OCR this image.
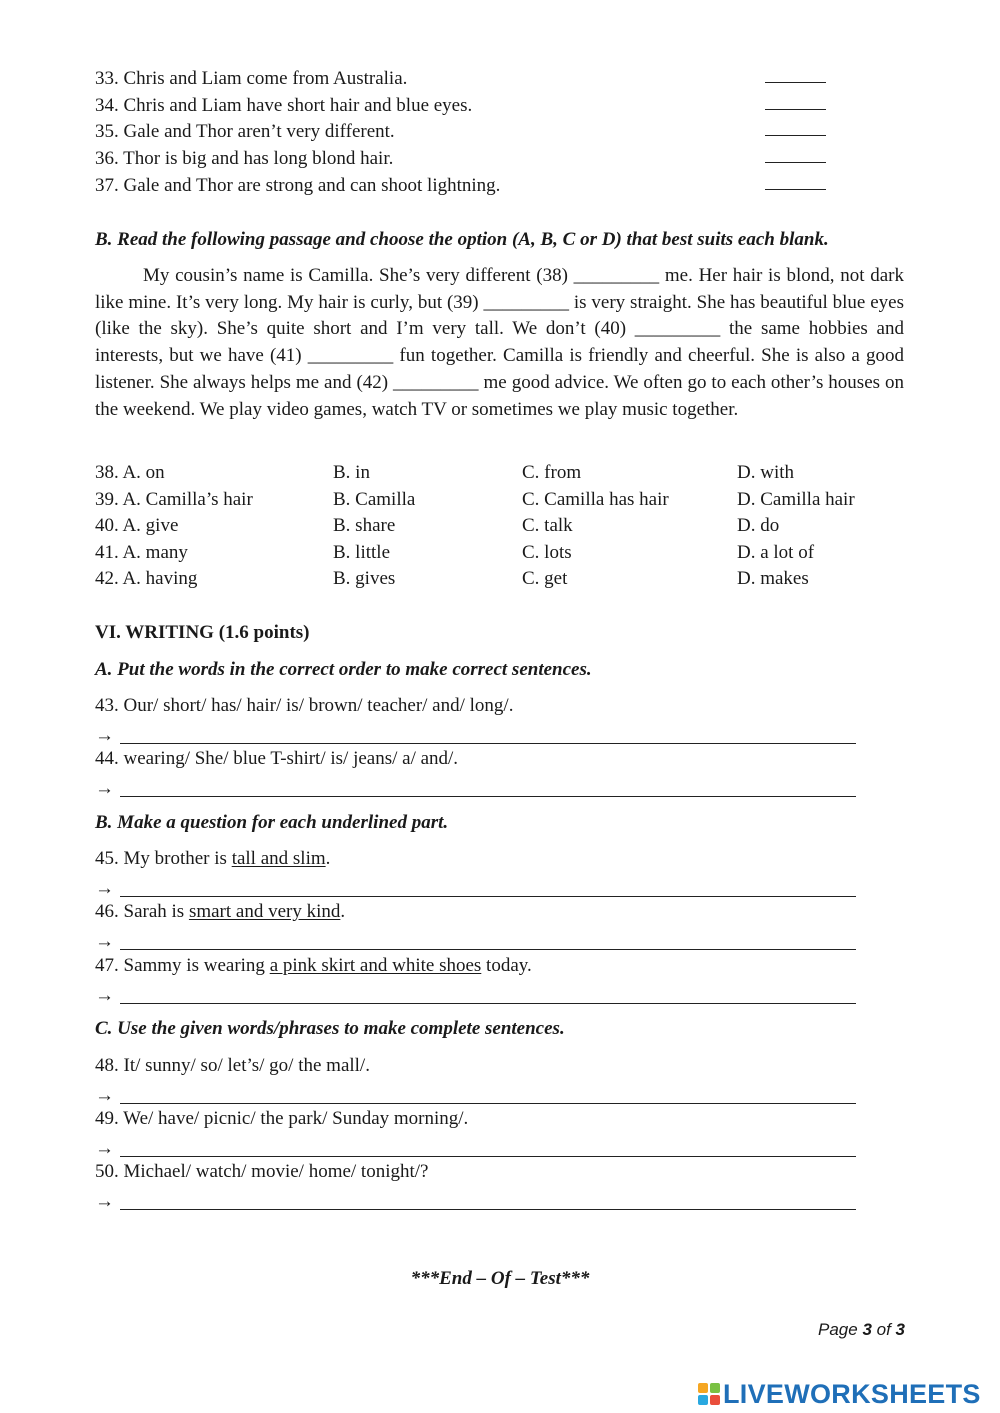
33. Chris and Liam come from Australia.
34. Chris and Liam have short hair and blue eyes.
35. Gale and Thor aren’t very different.
36. Thor is big and has long blond hair.
37. Gale and Thor are strong and can shoot lightning.
B. Read the following passage and choose the option (A, B, C or D) that best suits each blank.

My cousin’s name is Camilla. She’s very different (38) _________ me. Her hair is blond, not dark like mine. It’s very long. My hair is curly, but (39) _________ is very straight. She has beautiful blue eyes (like the sky). She’s quite short and I’m very tall. We don’t (40) _________ the same hobbies and interests, but we have (41) _________ fun together. Camilla is friendly and cheerful. She is also a good listener. She always helps me and (42) _________ me good advice. We often go to each other’s houses on the weekend. We play video games, watch TV or sometimes we play music together.

38. A. on	B. in	C. from	D. with
39. A. Camilla’s hair	B. Camilla	C. Camilla has hair	D. Camilla hair
40. A. give	B. share	C. talk	D. do
41. A. many	B. little	C. lots	D. a lot of
42. A. having	B. gives	C. get	D. makes
VI. WRITING (1.6 points)
A. Put the words in the correct order to make correct sentences.
43. Our/ short/ has/ hair/ is/ brown/ teacher/ and/ long/.
→
44. wearing/ She/ blue T-shirt/ is/ jeans/ a/ and/.
→
B. Make a question for each underlined part.
45. My brother is tall and slim.
→
46. Sarah is smart and very kind.
→
47. Sammy is wearing a pink skirt and white shoes today.
→
C. Use the given words/phrases to make complete sentences.
48. It/ sunny/ so/ let’s/ go/ the mall/.
→
49. We/ have/ picnic/ the park/ Sunday morning/.
→
50. Michael/ watch/ movie/ home/ tonight/?
→
***End – Of – Test***
Page 3 of 3
LIVEWORKSHEETS
